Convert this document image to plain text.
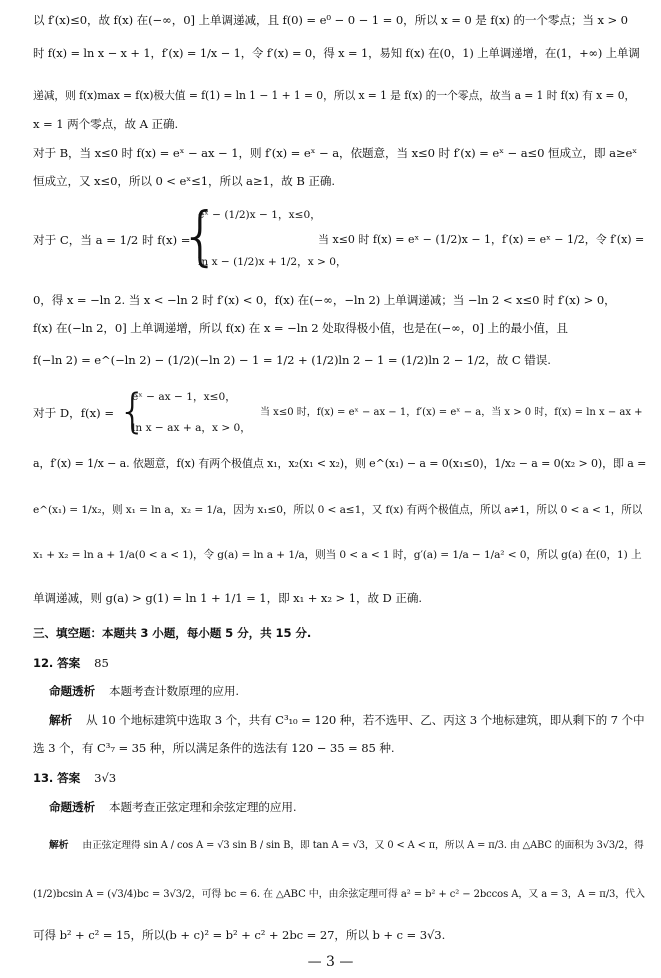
以 f′(x)≤0，故 f(x) 在(−∞，0] 上单调递减，且 f(0) = e⁰ − 0 − 1 = 0，所以 x = 0 是 f(x) 的一个零点；当 x > 0
时 f(x) = ln x − x + 1，f′(x) = 1/x − 1，令 f′(x) = 0，得 x = 1，易知 f(x) 在(0，1) 上单调递增，在(1，+∞) 上单调
递减，则 f(x)max = f(x)极大值 = f(1) = ln 1 − 1 + 1 = 0，所以 x = 1 是 f(x) 的一个零点，故当 a = 1 时 f(x) 有 x = 0，
x = 1 两个零点，故 A 正确.
对于 B，当 x≤0 时 f(x) = eˣ − ax − 1，则 f′(x) = eˣ − a，依题意，当 x≤0 时 f′(x) = eˣ − a≤0 恒成立，即 a≥eˣ
恒成立，又 x≤0，所以 0 < eˣ≤1，所以 a≥1，故 B 正确.
对于 C，当 a = 1/2 时 f(x) =
{
eˣ − (1/2)x − 1，x≤0，
ln x − (1/2)x + 1/2，x > 0，
当 x≤0 时 f(x) = eˣ − (1/2)x − 1，f′(x) = eˣ − 1/2，令 f′(x) =
0，得 x = −ln 2. 当 x < −ln 2 时 f′(x) < 0，f(x) 在(−∞，−ln 2) 上单调递减；当 −ln 2 < x≤0 时 f′(x) > 0，
f(x) 在(−ln 2，0] 上单调递增，所以 f(x) 在 x = −ln 2 处取得极小值，也是在(−∞，0] 上的最小值，且
f(−ln 2) = e^(−ln 2) − (1/2)(−ln 2) − 1 = 1/2 + (1/2)ln 2 − 1 = (1/2)ln 2 − 1/2，故 C 错误.
对于 D，f(x) = {
eˣ − ax − 1，x≤0，
ln x − ax + a，x > 0，
当 x≤0 时，f(x) = eˣ − ax − 1，f′(x) = eˣ − a，当 x > 0 时，f(x) = ln x − ax +
a，f′(x) = 1/x − a. 依题意，f(x) 有两个极值点 x₁，x₂(x₁ < x₂)，则 e^(x₁) − a = 0(x₁≤0)，1/x₂ − a = 0(x₂ > 0)，即 a =
e^(x₁) = 1/x₂，则 x₁ = ln a，x₂ = 1/a，因为 x₁≤0，所以 0 < a≤1，又 f(x) 有两个极值点，所以 a≠1，所以 0 < a < 1，所以
x₁ + x₂ = ln a + 1/a(0 < a < 1)，令 g(a) = ln a + 1/a，则当 0 < a < 1 时，g′(a) = 1/a − 1/a² < 0，所以 g(a) 在(0，1) 上
单调递减，则 g(a) > g(1) = ln 1 + 1/1 = 1，即 x₁ + x₂ > 1，故 D 正确.
三、填空题：本题共 3 小题，每小题 5 分，共 15 分.
12. 答案 85
命题透析 本题考查计数原理的应用.
解析 从 10 个地标建筑中选取 3 个，共有 C³₁₀ = 120 种，若不选甲、乙、丙这 3 个地标建筑，即从剩下的 7 个中
选 3 个，有 C³₇ = 35 种，所以满足条件的选法有 120 − 35 = 85 种.
13. 答案 3√3
命题透析 本题考查正弦定理和余弦定理的应用.
解析 由正弦定理得 sin A / cos A = √3 sin B / sin B，即 tan A = √3，又 0 < A < π，所以 A = π/3. 由 △ABC 的面积为 3√3/2，得
(1/2)bcsin A = (√3/4)bc = 3√3/2，可得 bc = 6. 在 △ABC 中，由余弦定理可得 a² = b² + c² − 2bccos A，又 a = 3，A = π/3，代入
可得 b² + c² = 15，所以(b + c)² = b² + c² + 2bc = 27，所以 b + c = 3√3.
— 3 —
